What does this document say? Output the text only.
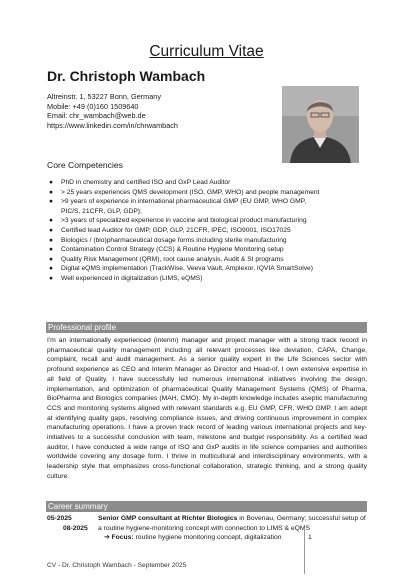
Curriculum Vitae
Dr. Christoph Wambach
Altreinstr. 1, 53227 Bonn, Germany
Mobile: +49 (0)160 1509640
Email: chr_wambach@web.de
https://www.linkedin.com/in/chrwambach
Core Competencies
● PhD in chemistry and certified ISO and GxP Lead Auditor
● > 25 years experiences QMS development (ISO, GMP, WHO) and people management
● >9 years of experience in international pharmaceutical GMP (EU GMP, WHO GMP,
PIC/S, 21CFR, GLP, GDP);
● >3 years of specialized experience in vaccine and biological product manufacturing
● Certified lead Auditor for GMP, GDP, GLP, 21CFR, IPEC, ISO9001, ISO17025
● Biologics / (bio)pharmaceutical dosage forms including sterile manufacturing
● Contamination Control Strategy (CCS) & Routine Hygiene Monitoring setup
● Quality Risk Management (QRM), root cause analysis, Audit & SI programs
● Digital eQMS implementation (TrackWise, Veeva Vault, Amplexor, IQVIA SmartSolve)
● Well experienced in digitalization (LIMS, eQMS)
Professional profile
I'm an internationally experienced (interim) manager and project manager with a strong track record in pharmaceutical quality management including all relevant processes like deviation, CAPA, Change, complaint, recall and audit management. As a senior quality expert in the Life Sciences sector with profound experience as CEO and Interim Manager as Director and Head-of, I own extensive expertise in all field of Quality. I have successfully led numerous international initiatives involving the design, implementation, and optimization of pharmaceutical Quality Management Systems (QMS) of Pharma, BioPharma and Biologics companies (MAH, CMO). My in-depth knowledge includes aseptic manufacturing CCS and monitoring systems aligned with relevant standards e.g. EU GMP, CFR, WHO GMP. I am adept at identifying quality gaps, resolving compliance issues, and driving continuous improvement in complex manufacturing operations. I have a proven track record of leading various international projects and key-initiatives to a successful conclusion with team, milestone and budget responsibility. As a certified lead auditor, I have conducted a wide range of ISO and GxP audits in life science companies and authorities worldwide covering any dosage form. I thrive in multicultural and interdisciplinary environments, with a leadership style that emphasizes cross-functional collaboration, strategic thinking, and a strong quality culture.
Career summary
05-2025
08-2025
Senior GMP consultant at Richter Biologics in Bovenau, Germany; successful setup of a routine hygiene-monitoring concept with connection to LIMS & eQMS
➔ Focus: routine hygiene monitoring concept, digitalization
CV - Dr. Christoph Wambach - September 2025
1
